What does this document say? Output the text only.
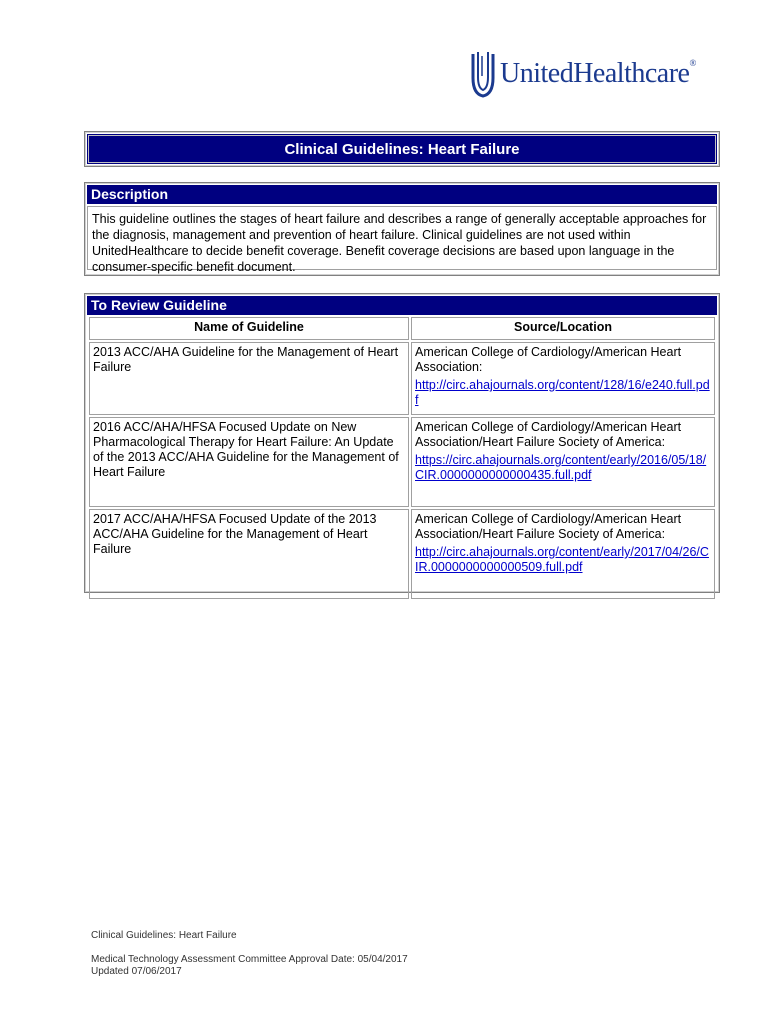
UnitedHealthcare®
Clinical Guidelines: Heart Failure
Description
This guideline outlines the stages of heart failure and describes a range of generally acceptable approaches for the diagnosis, management and prevention of heart failure. Clinical guidelines are not used within UnitedHealthcare to decide benefit coverage. Benefit coverage decisions are based upon language in the consumer-specific benefit document.
To Review Guideline
Name of Guideline	Source/Location
2013 ACC/AHA Guideline for the Management of Heart Failure	American College of Cardiology/American Heart Association:
http://circ.ahajournals.org/content/128/16/e240.full.pdf

2016 ACC/AHA/HFSA Focused Update on New Pharmacological Therapy for Heart Failure: An Update of the 2013 ACC/AHA Guideline for the Management of Heart Failure	American College of Cardiology/American Heart Association/Heart Failure Society of America:
https://circ.ahajournals.org/content/early/2016/05/18/CIR.0000000000000435.full.pdf

2017 ACC/AHA/HFSA Focused Update of the 2013 ACC/AHA Guideline for the Management of Heart Failure	American College of Cardiology/American Heart Association/Heart Failure Society of America:
http://circ.ahajournals.org/content/early/2017/04/26/CIR.0000000000000509.full.pdf
Clinical Guidelines: Heart Failure
Medical Technology Assessment Committee Approval Date: 05/04/2017
Updated 07/06/2017
